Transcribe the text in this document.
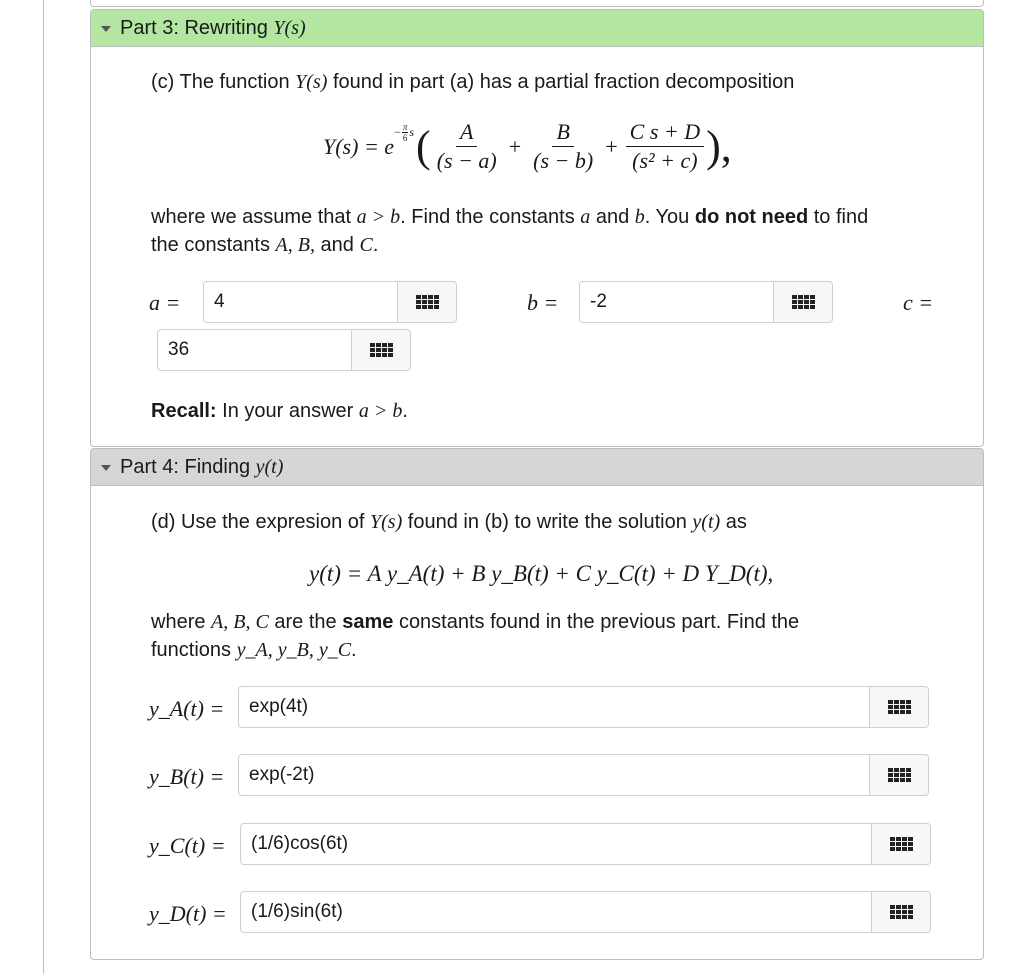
Part 3: Rewriting
Y(s)
(c) The function Y(s) found in part (a) has a partial fraction decomposition
Y(s) = e
− $\frac{\pi}{6}$ s ( $\frac{A}{(s - a)} + \frac{B}{(s - b)} + \frac{\text{C s + D}}{\text{(s² + c)}}$ ),
where we assume that a > b. Find the constants a and b. You do not need to find
the constants A, B, and C.
a =	4	b =	-2	c =
36
Recall: In your answer a > b.
Part 4: Finding
y(t)
(d) Use the expresion of Y(s) found in (b) to write the solution y(t) as
y(t) = A y_A(t) + B y_B(t) + C y_C(t) + D Y_D(t),
where A, B, C are the same constants found in the previous part. Find the
functions y_A, y_B, y_C.
y_A(t) =	exp(4t)
y_B(t) =	exp(-2t)
y_C(t) =	(1/6)cos(6t)
y_D(t) =	(1/6)sin(6t)
